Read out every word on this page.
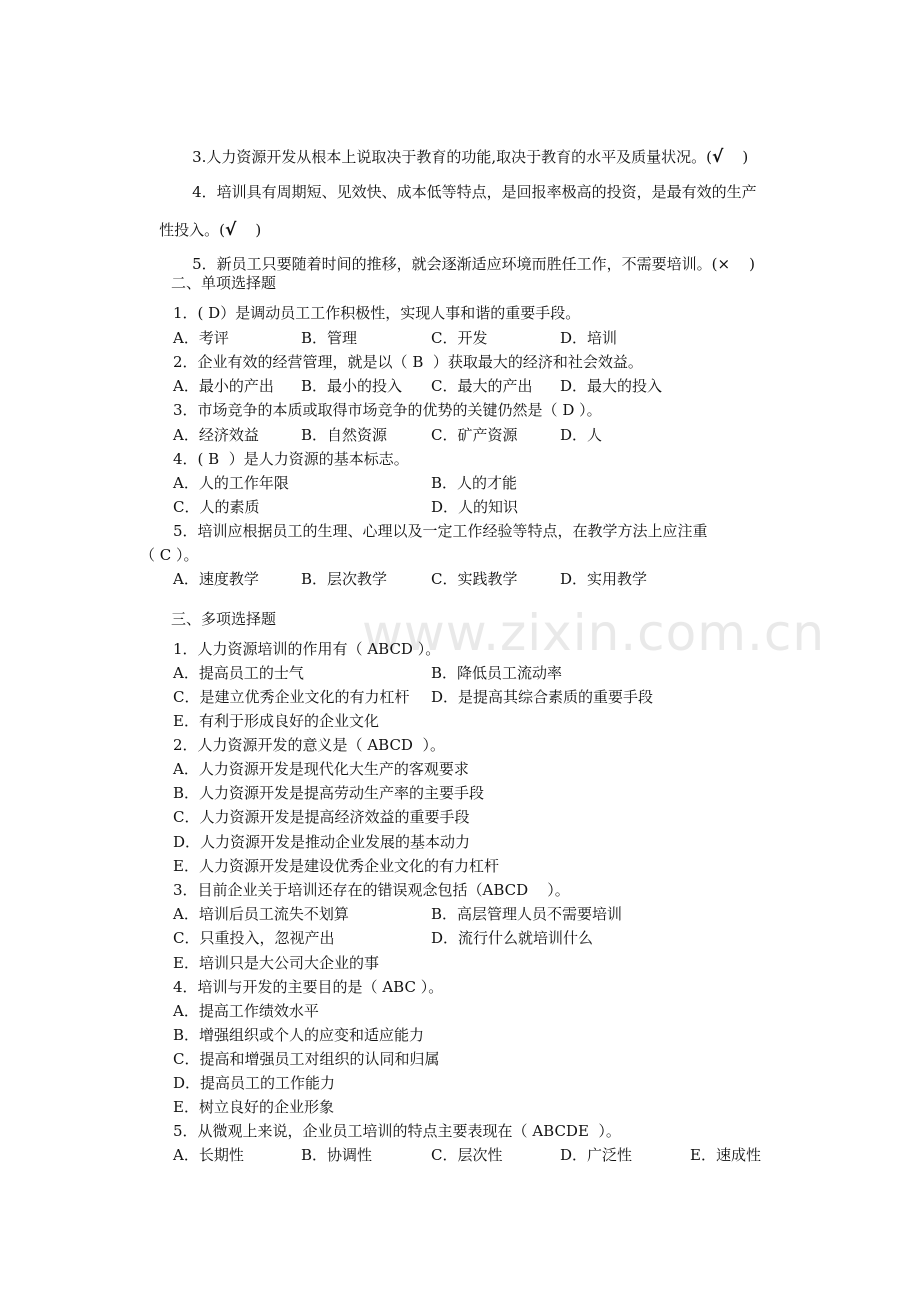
www.zixin.com.cn

3.人力资源开发从根本上说取决于教育的功能,取决于教育的水平及质量状况。(√    )

4．培训具有周期短、见效快、成本低等特点，是回报率极高的投资，是最有效的生产

性投入。(√    )

5．新员工只要随着时间的推移，就会逐渐适应环境而胜任工作，不需要培训。(×    )

二、单项选择题
1．( D）是调动员工工作积极性，实现人事和谐的重要手段。
A．考评	B．管理	C．开发	D．培训
2．企业有效的经营管理，就是以（ B  ）获取最大的经济和社会效益。
A．最小的产出 B．最小的投入 C．最大的产出 D．最大的投入
3．市场竞争的本质或取得市场竞争的优势的关键仍然是（ D ）。
A．经济效益	B．自然资源	C．矿产资源	D．人
4．( B  ）是人力资源的基本标志。
A．人的工作年限	B．人的才能
C．人的素质	D．人的知识
5．培训应根据员工的生理、心理以及一定工作经验等特点，在教学方法上应注重
（ C ）。
A．速度教学	B．层次教学	C．实践教学	D．实用教学
三、多项选择题
1．人力资源培训的作用有（ ABCD ）。
A．提高员工的士气	B．降低员工流动率
C．是建立优秀企业文化的有力杠杆 D．是提高其综合素质的重要手段
E．有利于形成良好的企业文化
2．人力资源开发的意义是（ ABCD  ）。
A．人力资源开发是现代化大生产的客观要求
B．人力资源开发是提高劳动生产率的主要手段
C．人力资源开发是提高经济效益的重要手段
D．人力资源开发是推动企业发展的基本动力
E．人力资源开发是建设优秀企业文化的有力杠杆
3．目前企业关于培训还存在的错误观念包括（ABCD    ）。
A．培训后员工流失不划算	B．高层管理人员不需要培训
C．只重投入，忽视产出	D．流行什么就培训什么
E．培训只是大公司大企业的事
4．培训与开发的主要目的是（ ABC ）。
A．提高工作绩效水平
B．增强组织或个人的应变和适应能力
C．提高和增强员工对组织的认同和归属
D．提高员工的工作能力
E．树立良好的企业形象
5．从微观上来说，企业员工培训的特点主要表现在（ ABCDE  ）。
A．长期性	B．协调性	C．层次性	D．广泛性	E．速成性
